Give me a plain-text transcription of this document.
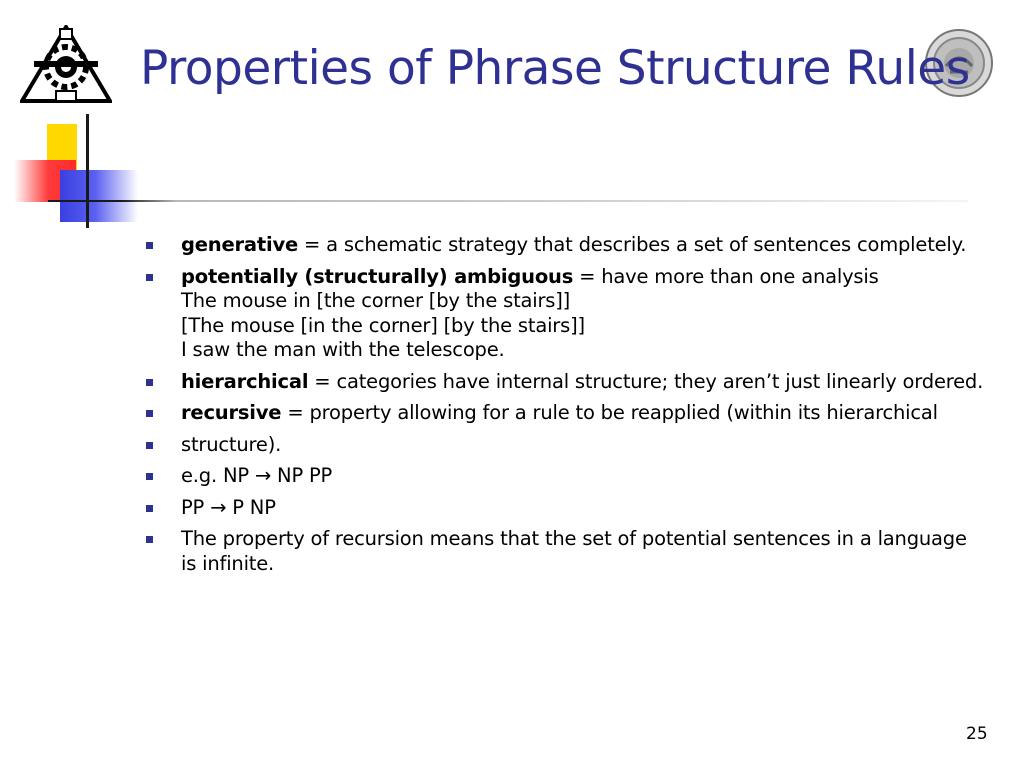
Properties of Phrase Structure Rules
generative = a schematic strategy that describes a set of sentences completely.
potentially (structurally) ambiguous = have more than one analysis
The mouse in [the corner [by the stairs]]
[The mouse [in the corner] [by the stairs]]
I saw the man with the telescope.
hierarchical = categories have internal structure; they aren’t just linearly ordered.
recursive = property allowing for a rule to be reapplied (within its hierarchical
structure).
e.g. NP → NP PP
PP → P NP
The property of recursion means that the set of potential sentences in a language is infinite.
25
